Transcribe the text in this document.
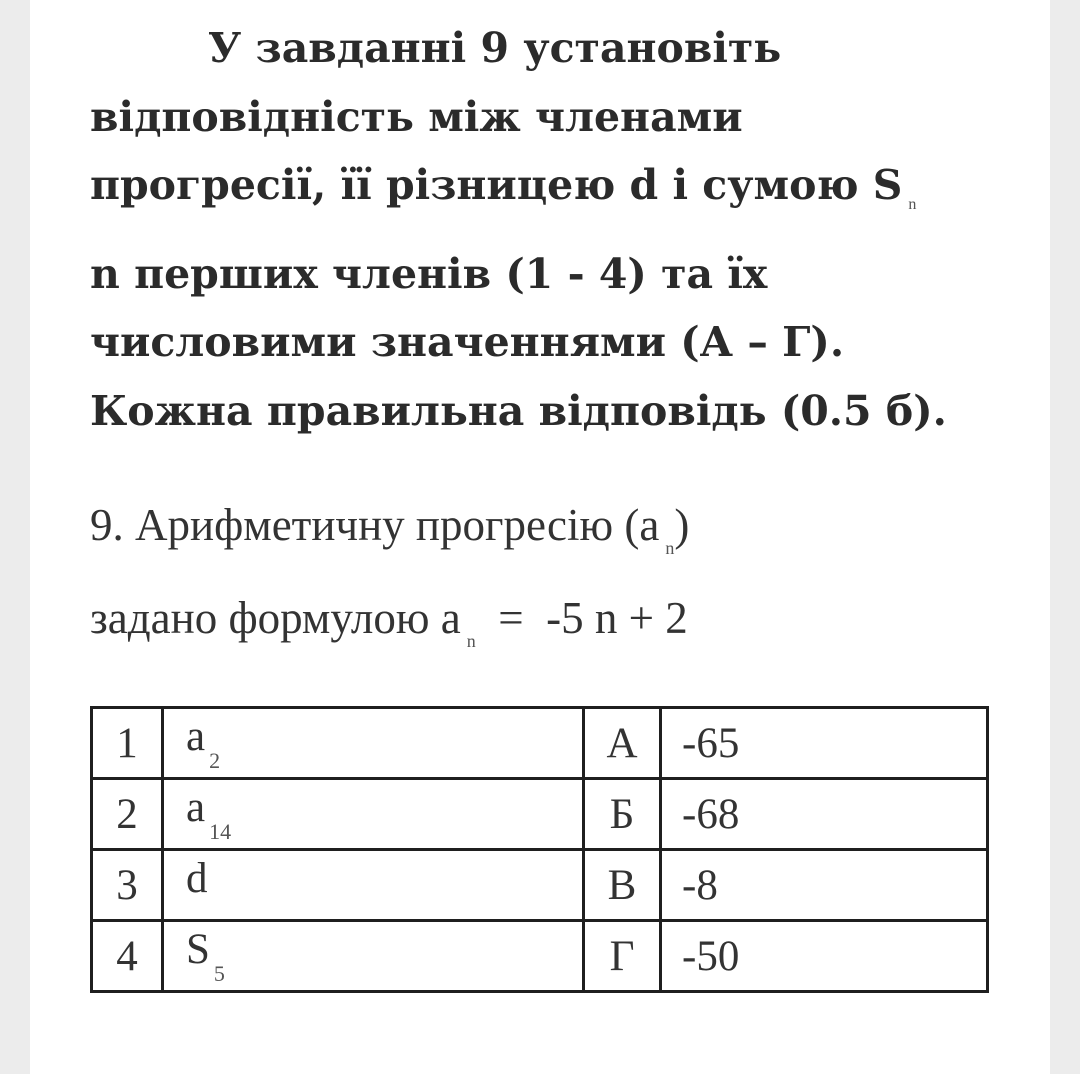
У завданні 9 установіть
відповідність між членами
прогресії, її різницею d і сумою S $_n$
n перших членів (1 - 4) та їх
числовими значеннями (А – Г).
Кожна правильна відповідь (0.5 б).

9. Арифметичну прогресію (a $_n$)
задано формулою a $_n$  =  -5 n + 2

1	$a_2$	А	-65
2	$a_{14}$	Б	-68
3	d	В	-8
4	$S_5$	Г	-50
